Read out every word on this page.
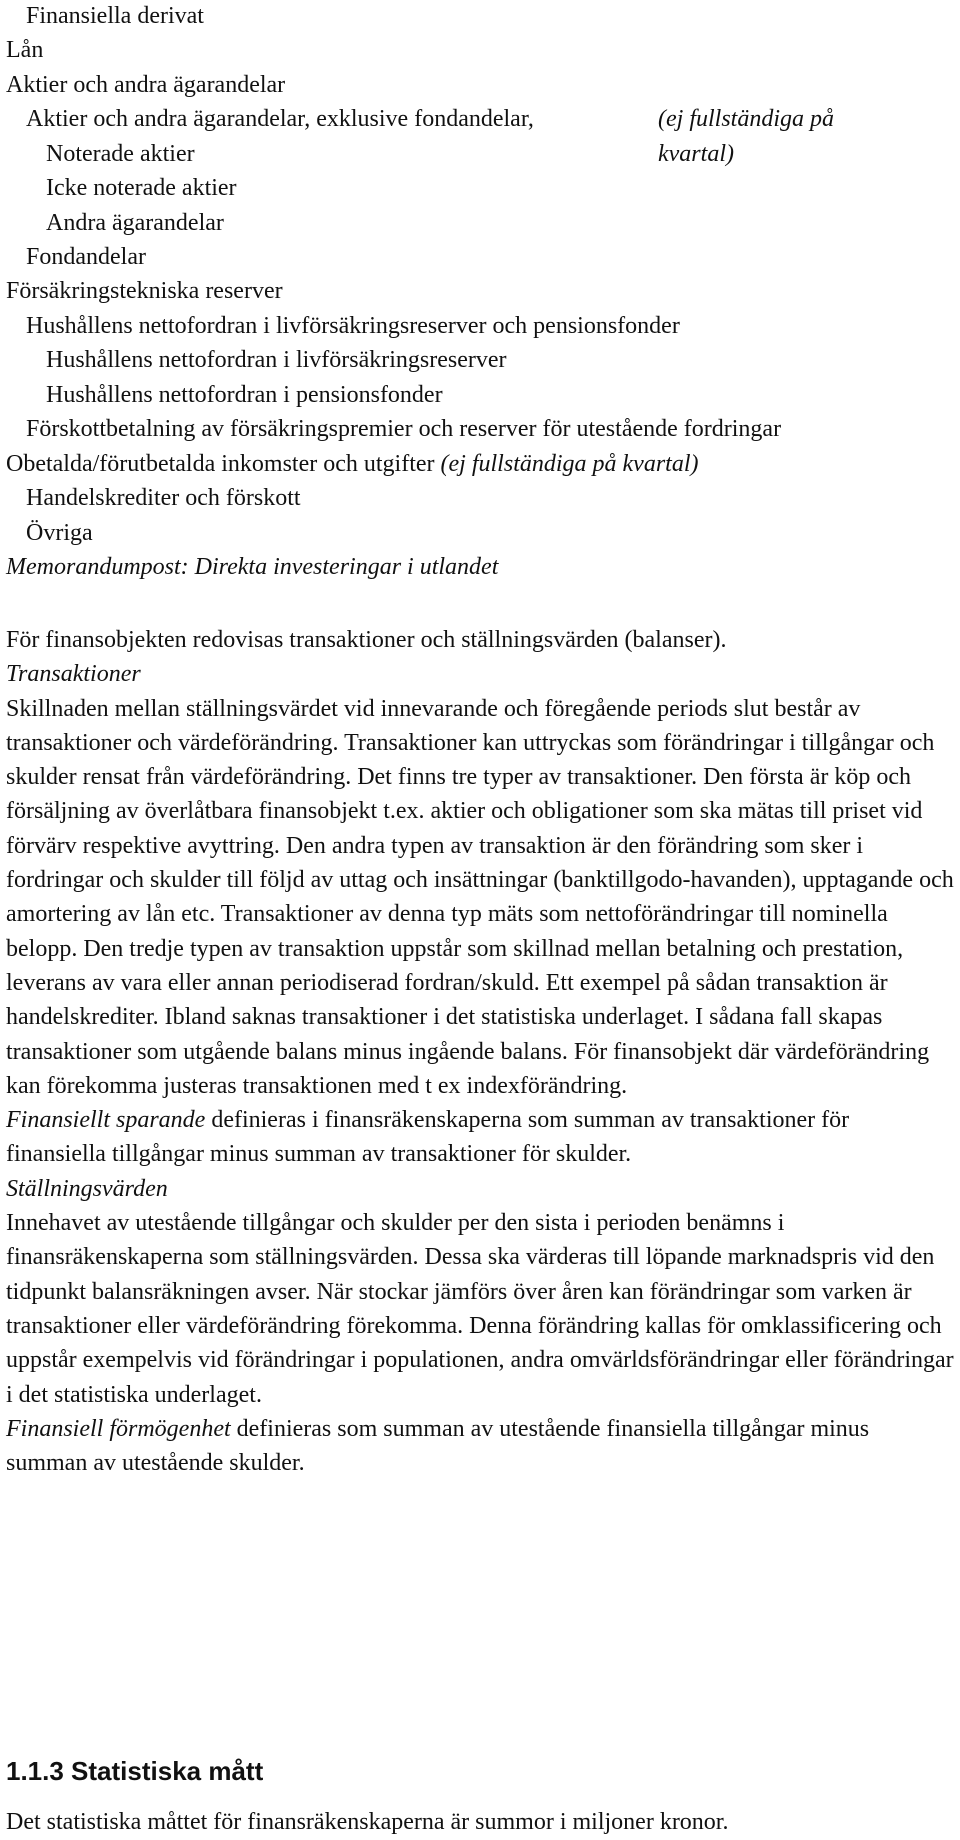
Finansiella derivat
Lån
Aktier och andra ägarandelar
Aktier och andra ägarandelar, exklusive fondandelar,	(ej fullständiga på
Noterade aktier	kvartal)
Icke noterade aktier
Andra ägarandelar
Fondandelar
Försäkringstekniska reserver
Hushållens nettofordran i livförsäkringsreserver och pensionsfonder
Hushållens nettofordran i livförsäkringsreserver
Hushållens nettofordran i pensionsfonder
Förskottbetalning av försäkringspremier och reserver för utestående fordringar
Obetalda/förutbetalda inkomster och utgifter (ej fullständiga på kvartal)
Handelskrediter och förskott
Övriga
Memorandumpost: Direkta investeringar i utlandet
För finansobjekten redovisas transaktioner och ställningsvärden (balanser).
Transaktioner
Skillnaden mellan ställningsvärdet vid innevarande och föregående periods slut består av transaktioner och värdeförändring. Transaktioner kan uttryckas som förändringar i tillgångar och skulder rensat från värdeförändring. Det finns tre typer av transaktioner. Den första är köp och försäljning av överlåtbara finansobjekt t.ex. aktier och obligationer som ska mätas till priset vid förvärv respektive avyttring. Den andra typen av transaktion är den förändring som sker i fordringar och skulder till följd av uttag och insättningar (banktillgodo-havanden), upptagande och amortering av lån etc. Transaktioner av denna typ mäts som nettoförändringar till nominella belopp. Den tredje typen av transaktion uppstår som skillnad mellan betalning och prestation, leverans av vara eller annan periodiserad fordran/skuld. Ett exempel på sådan transaktion är handelskrediter. Ibland saknas transaktioner i det statistiska underlaget. I sådana fall skapas transaktioner som utgående balans minus ingående balans. För finansobjekt där värdeförändring kan förekomma justeras transaktionen med t ex indexförändring.
Finansiellt sparande definieras i finansräkenskaperna som summan av transaktioner för finansiella tillgångar minus summan av transaktioner för skulder.
Ställningsvärden
Innehavet av utestående tillgångar och skulder per den sista i perioden benämns i finansräkenskaperna som ställningsvärden. Dessa ska värderas till löpande marknadspris vid den tidpunkt balansräkningen avser. När stockar jämförs över åren kan förändringar som varken är transaktioner eller värdeförändring förekomma. Denna förändring kallas för omklassificering och uppstår exempelvis vid förändringar i populationen, andra omvärldsförändringar eller förändringar i det statistiska underlaget.
Finansiell förmögenhet definieras som summan av utestående finansiella tillgångar minus summan av utestående skulder.
1.1.3 Statistiska mått
Det statistiska måttet för finansräkenskaperna är summor i miljoner kronor.
